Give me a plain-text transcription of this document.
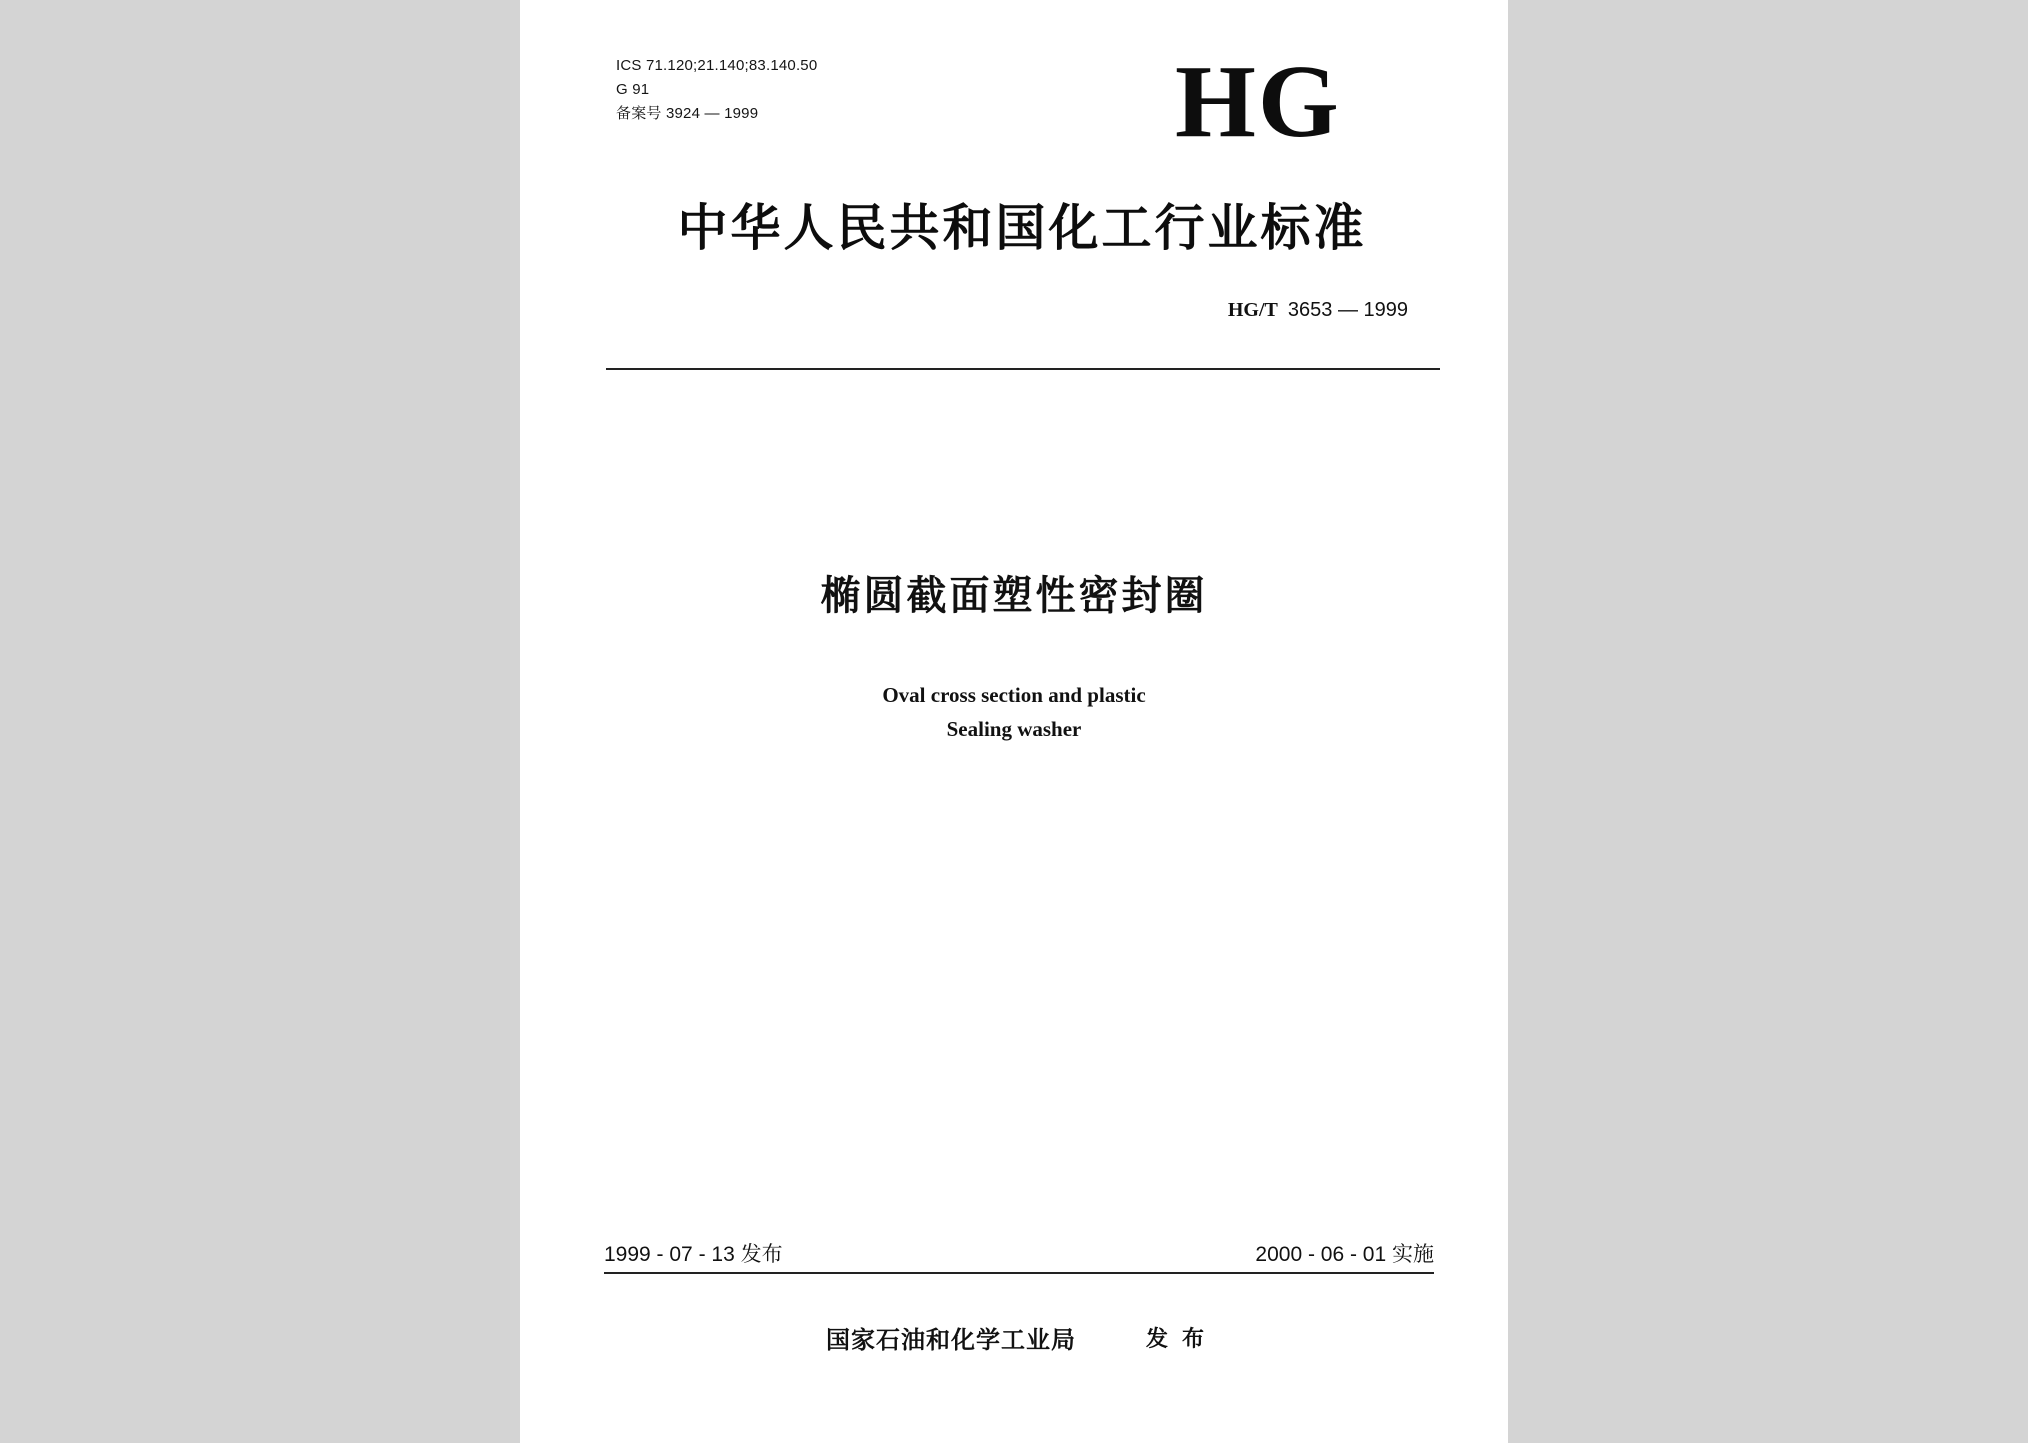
ICS 71.120;21.140;83.140.50
G 91
备案号 3924 — 1999	HG
中华人民共和国化工行业标准
HG/T 3653 — 1999
椭圆截面塑性密封圈
Oval cross section and plastic
Sealing washer
1999 - 07 - 13 发布	2000 - 06 - 01 实施
国家石油和化学工业局	发布
